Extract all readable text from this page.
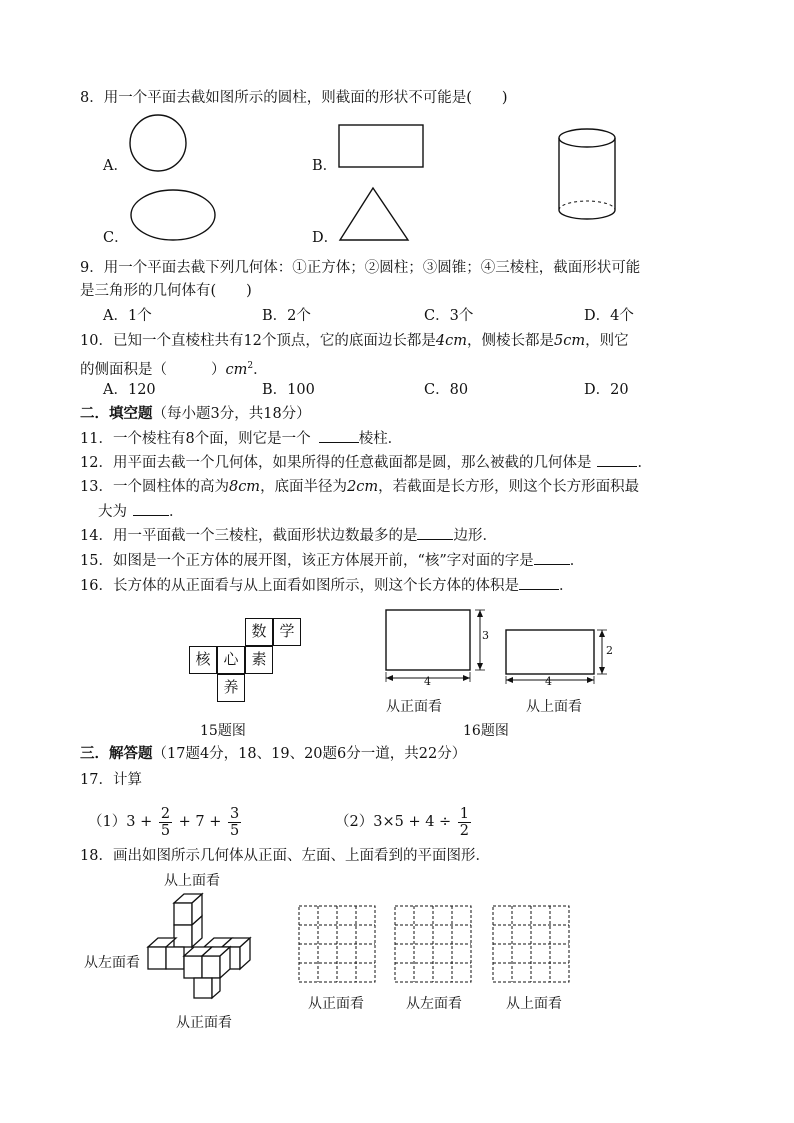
8．用一个平面去截如图所示的圆柱，则截面的形状不可能是( )
A．	B．
C．	D．
9．用一个平面去截下列几何体：①正方体；②圆柱；③圆锥；④三棱柱，截面形状可能
是三角形的几何体有( )
A．1个	B．2个	C．3个	D．4个
10．已知一个直棱柱共有12个顶点，它的底面边长都是4cm，侧棱长都是5cm，则它
的侧面积是（	）$cm^2$．
A．120	B．100	C．80	D．20
二．填空题（每小题3分，共18分）
11．一个棱柱有8个面，则它是一个	棱柱．
12．用平面去截一个几何体，如果所得的任意截面都是圆，那么被截的几何体是	．
13．一个圆柱体的高为8cm，底面半径为2cm，若截面是长方形，则这个长方形面积最
大为	．
14．用一平面截一个三棱柱，截面形状边数最多的是 边形．
15．如图是一个正方体的展开图，该正方体展开前，“核”字对面的字是 ．
16．长方体的从正面看与从上面看如图所示，则这个长方体的体积是	．
数 学
核 心 素
养
15题图
3
4
2
4
从正面看	从上面看
16题图
三．解答题（17题4分，18、19、20题6分一道，共22分）
17．计算
$(1)3 + \frac{2}{5} + 7 + \frac{3}{5}$	$(2)3\times 5 + 4 \div \frac{1}{2}$
18．画出如图所示几何体从正面、左面、上面看到的平面图形．
从上面看
从左面看
从正面看
从正面看	从左面看	从上面看
